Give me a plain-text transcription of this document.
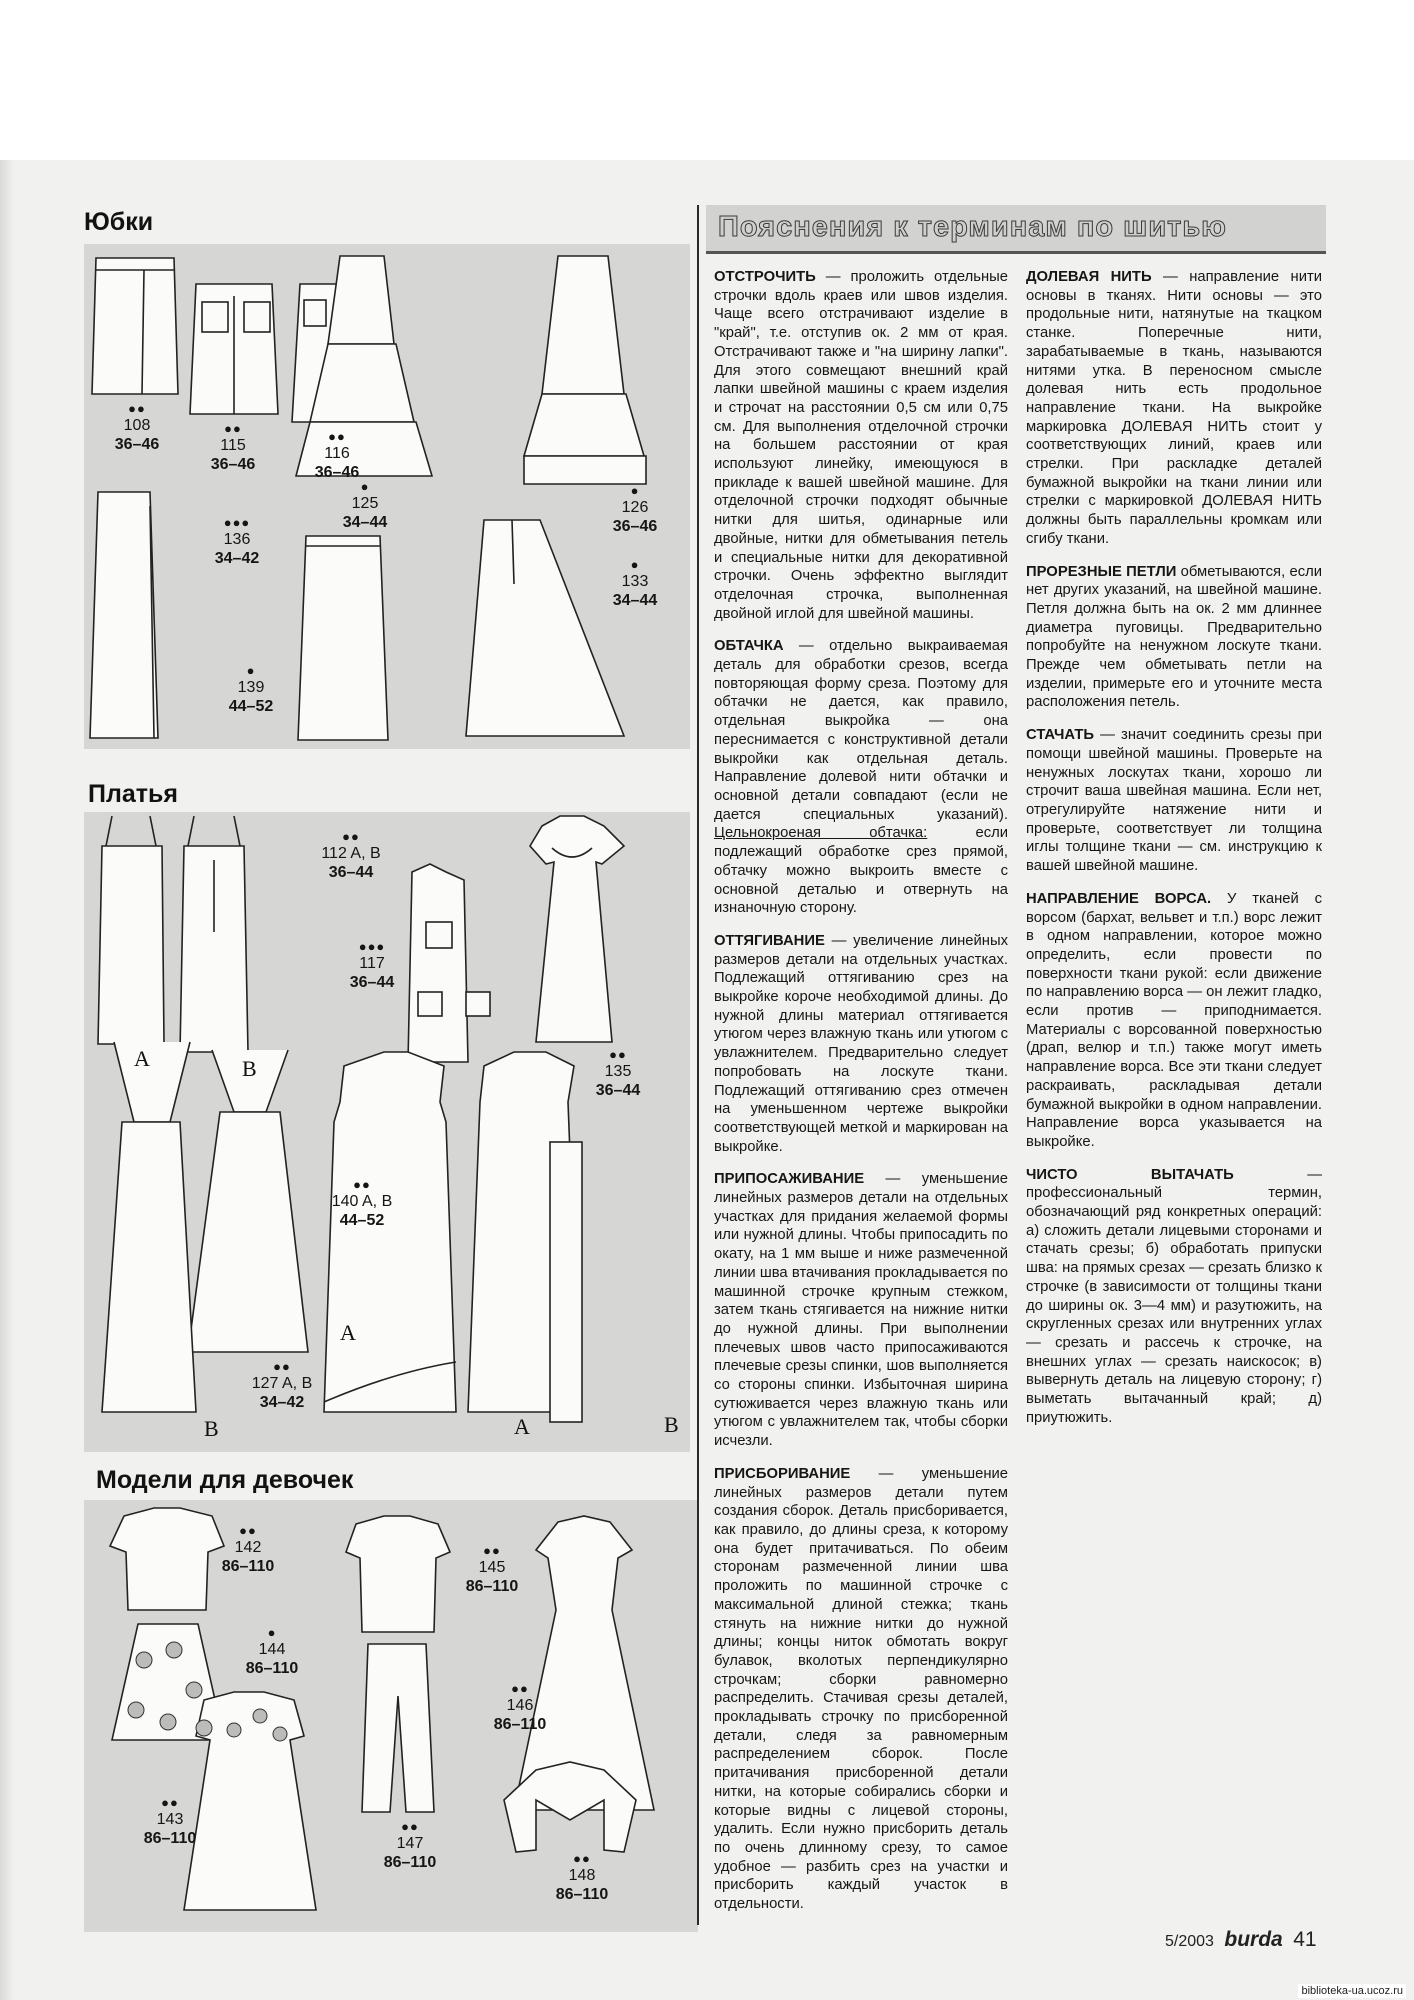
Юбки
●●
108
36–46
●●
115
36–46
●●
116
36–46
●
125
34–44
●
126
36–46
●●●
136
34–42	●
133
34–44
●
139
44–52
Платья
●●
112 A, B
36–44
●●●
117
36–44
●●
135
36–44
●●
140 A, B
44–52
●●
127 A, B
34–42
A	B
A
B	A	B
Модели для девочек
●●
142
86–110
●●
145
86–110
●
144
86–110
●●
146
86–110
●●
143
86–110
●●
147
86–110	●●
148
86–110
Пояснения к терминам по шитью

ОТСТРОЧИТЬ — проложить отдельные строчки вдоль краев или швов изделия. Чаще всего отстрачивают изделие в "край", т.е. отступив ок. 2 мм от края. Отстрачивают также и "на ширину лапки". Для этого совмещают внешний край лапки швейной машины с краем изделия и строчат на расстоянии 0,5 см или 0,75 см. Для выполнения отделочной строчки на большем расстоянии от края используют линейку, имеющуюся в прикладе к вашей швейной машине. Для отделочной строчки подходят обычные нитки для шитья, одинарные или двойные, нитки для обметывания петель и специальные нитки для декоративной строчки. Очень эффектно выглядит отделочная строчка, выполненная двойной иглой для швейной машины.

ОБТАЧКА — отдельно выкраиваемая деталь для обработки срезов, всегда повторяющая форму среза. Поэтому для обтачки не дается, как правило, отдельная выкройка — она переснимается с конструктивной детали выкройки как отдельная деталь. Направление долевой нити обтачки и основной детали совпадают (если не дается специальных указаний). Цельнокроеная обтачка: если подлежащий обработке срез прямой, обтачку можно выкроить вместе с основной деталью и отвернуть на изнаночную сторону.

ОТТЯГИВАНИЕ — увеличение линейных размеров детали на отдельных участках. Подлежащий оттягиванию срез на выкройке короче необходимой длины. До нужной длины материал оттягивается утюгом через влажную ткань или утюгом с увлажнителем. Предварительно следует попробовать на лоскуте ткани. Подлежащий оттягиванию срез отмечен на уменьшенном чертеже выкройки соответствующей меткой и маркирован на выкройке.

ПРИПОСАЖИВАНИЕ — уменьшение линейных размеров детали на отдельных участках для придания желаемой формы или нужной длины. Чтобы припосадить по окату, на 1 мм выше и ниже размеченной линии шва втачивания прокладывается по машинной строчке крупным стежком, затем ткань стягивается на нижние нитки до нужной длины. При выполнении плечевых швов часто припосаживаются плечевые срезы спинки, шов выполняется со стороны спинки. Избыточная ширина сутюживается через влажную ткань или утюгом с увлажнителем так, чтобы сборки исчезли.

ПРИСБОРИВАНИЕ — уменьшение линейных размеров детали путем создания сборок. Деталь присборивается, как правило, до длины среза, к которому она будет притачиваться. По обеим сторонам размеченной линии шва проложить по машинной строчке с максимальной длиной стежка; ткань стянуть на нижние нитки до нужной длины; концы ниток обмотать вокруг булавок, вколотых перпендикулярно строчкам; сборки равномерно распределить. Стачивая срезы деталей, прокладывать строчку по присборенной детали, следя за равномерным распределением сборок. После притачивания присборенной детали нитки, на которые собирались сборки и которые видны с лицевой стороны, удалить. Если нужно присборить деталь по очень длинному срезу, то самое удобное — разбить срез на участки и присборить каждый участок в отдельности.

ДОЛЕВАЯ НИТЬ — направление нити основы в тканях. Нити основы — это продольные нити, натянутые на ткацком станке. Поперечные нити, зарабатываемые в ткань, называются нитями утка. В переносном смысле долевая нить есть продольное направление ткани. На выкройке маркировка ДОЛЕВАЯ НИТЬ стоит у соответствующих линий, краев или стрелки. При раскладке деталей бумажной выкройки на ткани линии или стрелки с маркировкой ДОЛЕВАЯ НИТЬ должны быть параллельны кромкам или сгибу ткани.

ПРОРЕЗНЫЕ ПЕТЛИ обметываются, если нет других указаний, на швейной машине. Петля должна быть на ок. 2 мм длиннее диаметра пуговицы. Предварительно попробуйте на ненужном лоскуте ткани. Прежде чем обметывать петли на изделии, примерьте его и уточните места расположения петель.

СТАЧАТЬ — значит соединить срезы при помощи швейной машины. Проверьте на ненужных лоскутах ткани, хорошо ли строчит ваша швейная машина. Если нет, отрегулируйте натяжение нити и проверьте, соответствует ли толщина иглы толщине ткани — см. инструкцию к вашей швейной машине.

НАПРАВЛЕНИЕ ВОРСА. У тканей с ворсом (бархат, вельвет и т.п.) ворс лежит в одном направлении, которое можно определить, если провести по поверхности ткани рукой: если движение по направлению ворса — он лежит гладко, если против — приподнимается. Материалы с ворсованной поверхностью (драп, велюр и т.п.) также могут иметь направление ворса. Все эти ткани следует раскраивать, раскладывая детали бумажной выкройки в одном направлении. Направление ворса указывается на выкройке.

ЧИСТО ВЫТАЧАТЬ — профессиональный термин, обозначающий ряд конкретных операций: а) сложить детали лицевыми сторонами и стачать срезы; б) обработать припуски шва: на прямых срезах — срезать близко к строчке (в зависимости от толщины ткани до ширины ок. 3—4 мм) и разутюжить, на скругленных срезах или внутренних углах — срезать и рассечь к строчке, на внешних углах — срезать наискосок; в) вывернуть деталь на лицевую сторону; г) выметать вытачанный край; д) приутюжить.

5/2003 burda 41
biblioteka-ua.ucoz.ru
